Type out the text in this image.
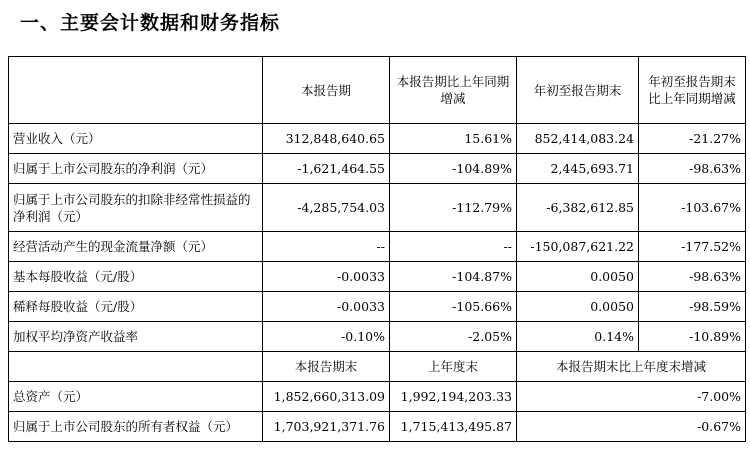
一、主要会计数据和财务指标
	本报告期	本报告期比上年同期增减	年初至报告期末	年初至报告期末比上年同期增减
营业收入（元）	312,848,640.65	15.61%	852,414,083.24	-21.27%
归属于上市公司股东的净利润（元）	-1,621,464.55	-104.89%	2,445,693.71	-98.63%
归属于上市公司股东的扣除非经常性损益的净利润（元）	-4,285,754.03	-112.79%	-6,382,612.85	-103.67%
经营活动产生的现金流量净额（元）	--	--	-150,087,621.22	-177.52%
基本每股收益（元/股）	-0.0033	-104.87%	0.0050	-98.63%
稀释每股收益（元/股）	-0.0033	-105.66%	0.0050	-98.59%
加权平均净资产收益率	-0.10%	-2.05%	0.14%	-10.89%
	本报告期末	上年度末	本报告期末比上年度末增减	
总资产（元）	1,852,660,313.09	1,992,194,203.33	-7.00%	
归属于上市公司股东的所有者权益（元）	1,703,921,371.76	1,715,413,495.87	-0.67%	
